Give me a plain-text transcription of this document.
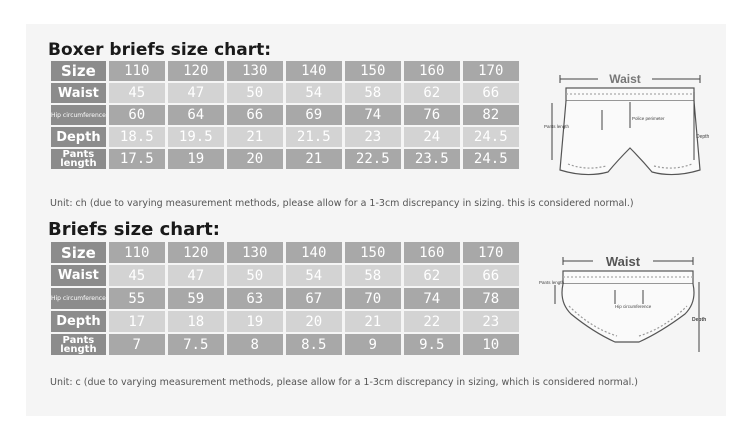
Boxer briefs size chart:
Size	110	120	130	140	150	160	170
Waist	45	47	50	54	58	62	66
Hip circumference	60	64	66	69	74	76	82
Depth	18.5	19.5	21	21.5	23	24	24.5

Pants
length	17.5	19	20	21	22.5	23.5	24.5
Unit: ch (due to varying measurement methods, please allow for a 1-3cm discrepancy in sizing. this is considered normal.)
Briefs size chart:
Size	110	120	130	140	150	160	170
Waist	45	47	50	54	58	62	66
Hip circumference	55	59	63	67	70	74	78
Depth	17	18	19	20	21	22	23

Pants
length	7	7.5	8	8.5	9	9.5	10
Unit: c (due to varying measurement methods, please allow for a 1-3cm discrepancy in sizing, which is considered normal.)
Waist
Police perimeter
Depth
Pants length
Waist
Hip circumference
Depth
Pants length
